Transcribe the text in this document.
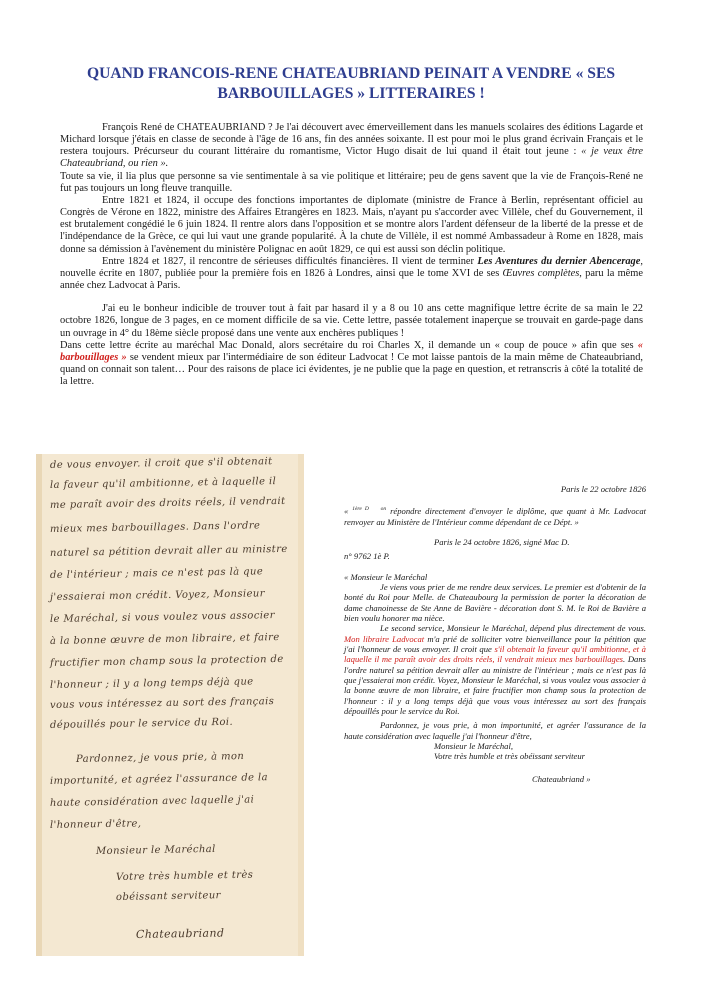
QUAND FRANCOIS-RENE CHATEAUBRIAND PEINAIT A VENDRE « SES BARBOUILLAGES » LITTERAIRES !

François René de CHATEAUBRIAND ? Je l'ai découvert avec émerveillement dans les manuels scolaires des éditions Lagarde et Michard lorsque j'étais en classe de seconde à l'âge de 16 ans, fin des années soixante. Il est pour moi le plus grand écrivain Français et le restera toujours. Précurseur du courant littéraire du romantisme, Victor Hugo disait de lui quand il était tout jeune : « je veux être Chateaubriand, ou rien ».

Toute sa vie, il lia plus que personne sa vie sentimentale à sa vie politique et littéraire; peu de gens savent que la vie de François-René ne fut pas toujours un long fleuve tranquille.

Entre 1821 et 1824, il occupe des fonctions importantes de diplomate (ministre de France à Berlin, représentant officiel au Congrès de Vérone en 1822, ministre des Affaires Etrangères en 1823. Mais, n'ayant pu s'accorder avec Villèle, chef du Gouvernement, il est brutalement congédié le 6 juin 1824. Il rentre alors dans l'opposition et se montre alors l'ardent défenseur de la liberté de la presse et de l'indépendance de la Grèce, ce qui lui vaut une grande popularité. À la chute de Villèle, il est nommé Ambassadeur à Rome en 1828, mais donne sa démission à l'avènement du ministère Polignac en août 1829, ce qui est aussi son déclin politique.

Entre 1824 et 1827, il rencontre de sérieuses difficultés financières. Il vient de terminer Les Aventures du dernier Abencerage, nouvelle écrite en 1807, publiée pour la première fois en 1826 à Londres, ainsi que le tome XVI de ses Œuvres complètes, paru la même année chez Ladvocat à Paris.

J'ai eu le bonheur indicible de trouver tout à fait par hasard il y a 8 ou 10 ans cette magnifique lettre écrite de sa main le 22 octobre 1826, longue de 3 pages, en ce moment difficile de sa vie. Cette lettre, passée totalement inaperçue se trouvait en garde-page dans un ouvrage in 4° du 18ème siècle proposé dans une vente aux enchères publiques !

Dans cette lettre écrite au maréchal Mac Donald, alors secrétaire du roi Charles X, il demande un « coup de pouce » afin que ses « barbouillages » se vendent mieux par l'intermédiaire de son éditeur Ladvocat ! Ce mot laisse pantois de la main même de Chateaubriand, quand on connait son talent… Pour des raisons de place ici évidentes, je ne publie que la page en question, et retranscris à côté la totalité de la lettre.

de vous envoyer. il croit que s'il obtenait
la faveur qu'il ambitionne, et à laquelle il
me paraît avoir des droits réels, il vendrait
mieux mes barbouillages. Dans l'ordre
naturel sa pétition devrait aller au ministre
de l'intérieur ; mais ce n'est pas là que
j'essaierai mon crédit. Voyez, Monsieur
le Maréchal, si vous voulez vous associer
à la bonne œuvre de mon libraire, et faire
fructifier mon champ sous la protection de
l'honneur ; il y a long temps déjà que
vous vous intéressez au sort des français
dépouillés pour le service du Roi.
Pardonnez, je vous prie, à mon
importunité, et agréez l'assurance de la
haute considération avec laquelle j'ai
l'honneur d'être,
Monsieur le Maréchal
Votre très humble et très
obéissant serviteur
Chateaubriand

Paris le 22 octobre 1826

« $^{1ère D}$ $^{on}$ répondre directement d'envoyer le diplôme, que quant à Mr. Ladvocat renvoyer au Ministère de l'Intérieur comme dépendant de ce Dépt. »

Paris le 24 octobre 1826, signé Mac D.

n° 9762 1è P.

« Monsieur le Maréchal

Je viens vous prier de me rendre deux services. Le premier est d'obtenir de la bonté du Roi pour Melle. de Chateaubourg la permission de porter la décoration de dame chanoinesse de Ste Anne de Bavière - décoration dont S. M. le Roi de Bavière a bien voulu honorer ma nièce.

Le second service, Monsieur le Maréchal, dépend plus directement de vous. Mon libraire Ladvocat m'a prié de solliciter votre bienveillance pour la pétition que j'ai l'honneur de vous envoyer. Il croit que s'il obtenait la faveur qu'il ambitionne, et à laquelle il me paraît avoir des droits réels, il vendrait mieux mes barbouillages. Dans l'ordre naturel sa pétition devrait aller au ministre de l'intérieur ; mais ce n'est pas là que j'essaierai mon crédit. Voyez, Monsieur le Maréchal, si vous voulez vous associer à la bonne œuvre de mon libraire, et faire fructifier mon champ sous la protection de l'honneur : il y a long temps déjà que vous vous intéressez au sort des français dépouillés pour le service du Roi.

Pardonnez, je vous prie, à mon importunité, et agréer l'assurance de la haute considération avec laquelle j'ai l'honneur d'être,

Monsieur le Maréchal,

Votre très humble et très obéissant serviteur

Chateaubriand »
